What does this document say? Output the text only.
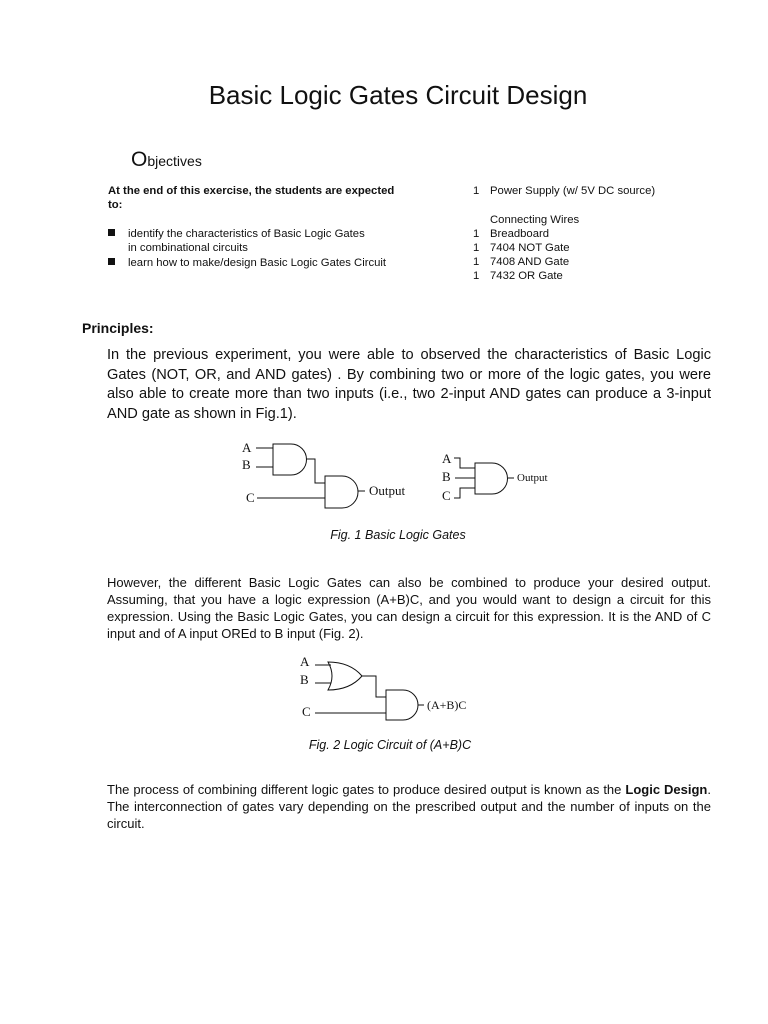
Basic Logic Gates Circuit Design
Objectives
At the end of this exercise, the students are expected to:
identify the characteristics of Basic Logic Gates
in combinational circuits
learn how to make/design Basic Logic Gates Circuit
1 Power Supply (w/ 5V DC source)
Connecting Wires
1 Breadboard
1 7404 NOT Gate
1 7408 AND Gate
1 7432 OR Gate
Principles:
In the previous experiment, you were able to observed the characteristics of Basic Logic Gates (NOT, OR, and AND gates) . By combining two or more of the logic gates, you were also able to create more than two inputs (i.e., two 2-input AND gates can produce a 3-input AND gate as shown in Fig.1).
A
B
C	Output
A
B
C
Output
Fig. 1 Basic Logic Gates
However, the different Basic Logic Gates can also be combined to produce your desired output. Assuming, that you have a logic expression (A+B)C, and you would want to design a circuit for this expression. Using the Basic Logic Gates, you can design a circuit for this expression. It is the AND of C input and of A input OREd to B input (Fig. 2).
A
B
C	(A+B)C
Fig. 2 Logic Circuit of (A+B)C
The process of combining different logic gates to produce desired output is known as the Logic Design. The interconnection of gates vary depending on the prescribed output and the number of inputs on the circuit.
